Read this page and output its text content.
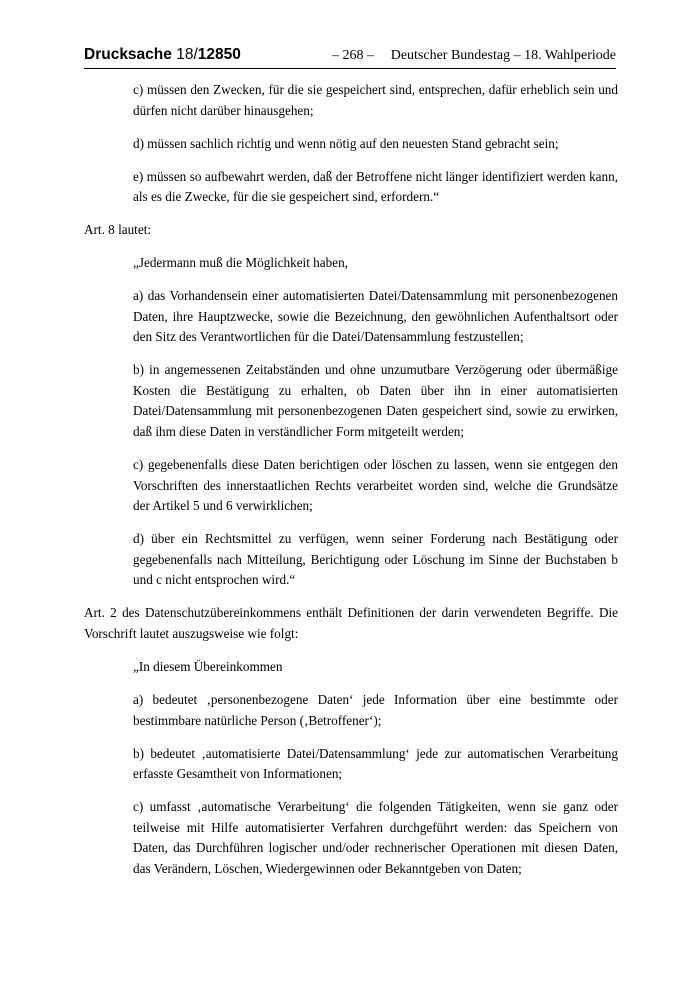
Drucksache 18/12850	– 268 – Deutscher Bundestag – 18. Wahlperiode

c) müssen den Zwecken, für die sie gespeichert sind, entsprechen, dafür erheblich sein und dürfen nicht darüber hinausgehen;

d) müssen sachlich richtig und wenn nötig auf den neuesten Stand gebracht sein;

e) müssen so aufbewahrt werden, daß der Betroffene nicht länger identifiziert werden kann, als es die Zwecke, für die sie gespeichert sind, erfordern.“

Art. 8 lautet:

„Jedermann muß die Möglichkeit haben,

a) das Vorhandensein einer automatisierten Datei/Datensammlung mit personenbezogenen Daten, ihre Hauptzwecke, sowie die Bezeichnung, den gewöhnlichen Aufenthaltsort oder den Sitz des Verantwortlichen für die Datei/Datensammlung festzustellen;

b) in angemessenen Zeitabständen und ohne unzumutbare Verzögerung oder übermäßige Kosten die Bestätigung zu erhalten, ob Daten über ihn in einer automatisierten Datei/Datensammlung mit personenbezogenen Daten gespeichert sind, sowie zu erwirken, daß ihm diese Daten in verständlicher Form mitgeteilt werden;

c) gegebenenfalls diese Daten berichtigen oder löschen zu lassen, wenn sie entgegen den Vorschriften des innerstaatlichen Rechts verarbeitet worden sind, welche die Grundsätze der Artikel 5 und 6 verwirklichen;

d) über ein Rechtsmittel zu verfügen, wenn seiner Forderung nach Bestätigung oder gegebenenfalls nach Mitteilung, Berichtigung oder Löschung im Sinne der Buchstaben b und c nicht entsprochen wird.“

Art. 2 des Datenschutzübereinkommens enthält Definitionen der darin verwendeten Begriffe. Die Vorschrift lautet auszugsweise wie folgt:

„In diesem Übereinkommen

a) bedeutet ‚personenbezogene Daten‘ jede Information über eine bestimmte oder bestimmbare natürliche Person (‚Betroffener‘);

b) bedeutet ‚automatisierte Datei/Datensammlung‘ jede zur automatischen Verarbeitung erfasste Gesamtheit von Informationen;

c) umfasst ‚automatische Verarbeitung‘ die folgenden Tätigkeiten, wenn sie ganz oder teilweise mit Hilfe automatisierter Verfahren durchgeführt werden: das Speichern von Daten, das Durchführen logischer und/oder rechnerischer Operationen mit diesen Daten, das Verändern, Löschen, Wiedergewinnen oder Bekanntgeben von Daten;
